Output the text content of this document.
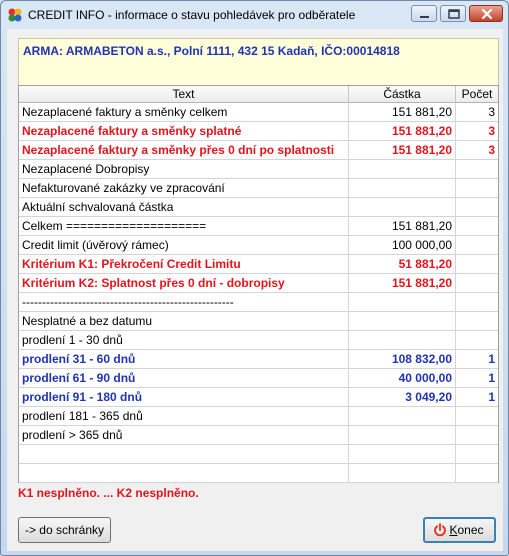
CREDIT INFO - informace o stavu pohledávek pro odběratele
ARMA: ARMABETON a.s., Polní 1111, 432 15 Kadaň, IČO:00014818
Text	Částka	Počet
Nezaplacené faktury a směnky celkem	151 881,20	3
Nezaplacené faktury a směnky splatné	151 881,20	3
Nezaplacené faktury a směnky přes 0 dní po splatnosti	151 881,20	3
Nezaplacené Dobropisy
Nefakturované zakázky ve zpracování
Aktuální schvalovaná částka
Celkem ====================	151 881,20
Credit limit (úvěrový rámec)	100 000,00
Kritérium K1: Překročení Credit Limitu	51 881,20
Kritérium K2: Splatnost přes 0 dní - dobropisy	151 881,20
-----------------------------------------------------
Nesplatné a bez datumu
prodlení 1 - 30 dnů
prodlení 31 - 60 dnů	108 832,00	1
prodlení 61 - 90 dnů	40 000,00	1
prodlení 91 - 180 dnů	3 049,20	1
prodlení 181 - 365 dnů
prodlení > 365 dnů
K1 nesplněno. ... K2 nesplněno.
-> do schránky	Konec
